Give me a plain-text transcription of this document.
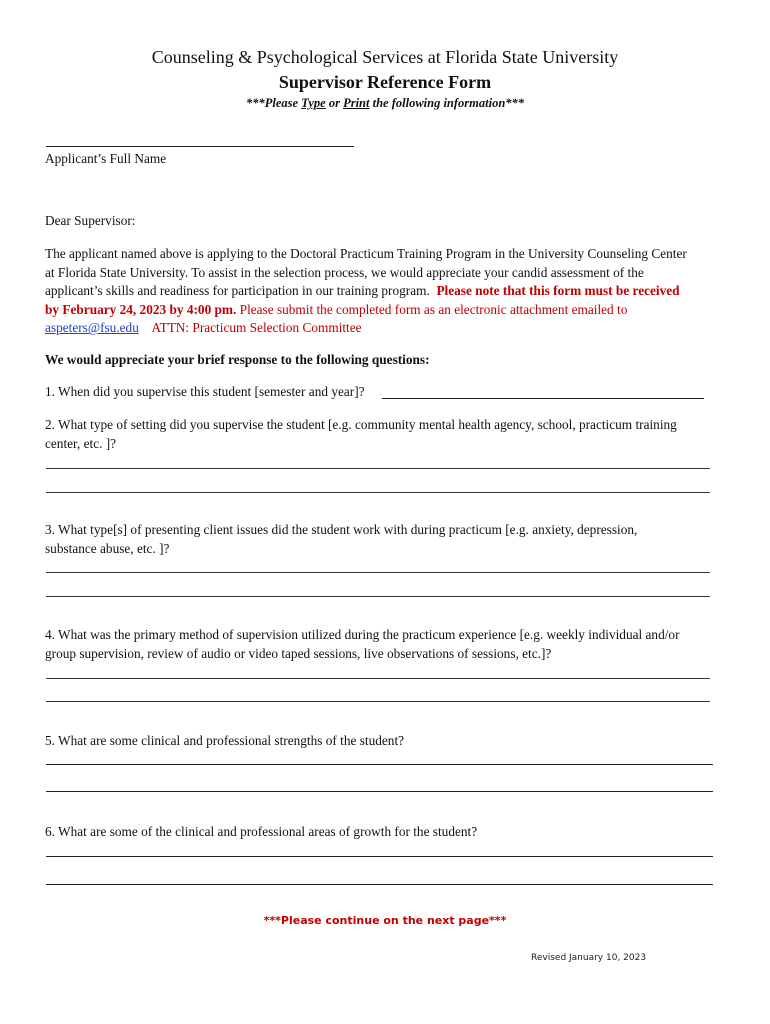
Counseling & Psychological Services at Florida State University
Supervisor Reference Form
***Please Type or Print the following information***
Applicant’s Full Name
Dear Supervisor:
The applicant named above is applying to the Doctoral Practicum Training Program in the University Counseling Center
at Florida State University. To assist in the selection process, we would appreciate your candid assessment of the
applicant’s skills and readiness for participation in our training program. Please note that this form must be received
by February 24, 2023 by 4:00 pm. Please submit the completed form as an electronic attachment emailed to
aspeters@fsu.edu ATTN: Practicum Selection Committee
We would appreciate your brief response to the following questions:
1. When did you supervise this student [semester and year]?
2. What type of setting did you supervise the student [e.g. community mental health agency, school, practicum training
center, etc. ]?
3. What type[s] of presenting client issues did the student work with during practicum [e.g. anxiety, depression,
substance abuse, etc. ]?
4. What was the primary method of supervision utilized during the practicum experience [e.g. weekly individual and/or
group supervision, review of audio or video taped sessions, live observations of sessions, etc.]?
5. What are some clinical and professional strengths of the student?
6. What are some of the clinical and professional areas of growth for the student?
***Please continue on the next page***
Revised January 10, 2023
